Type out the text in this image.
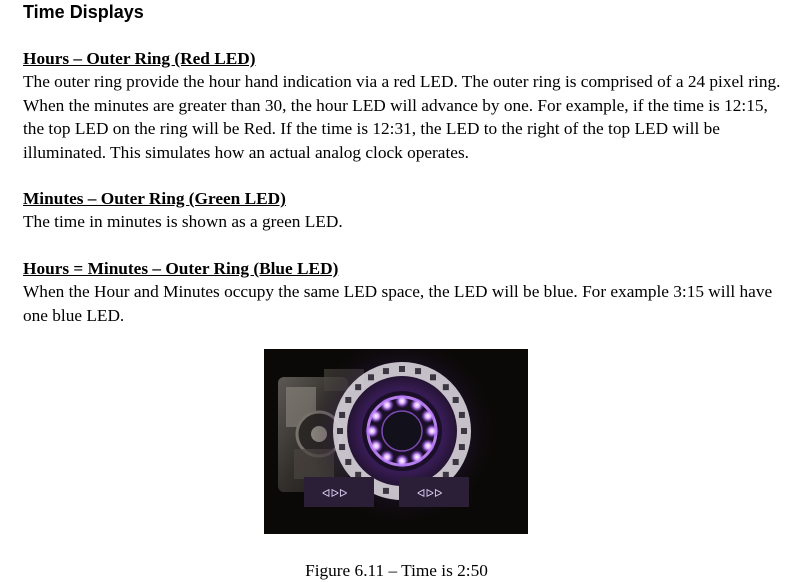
Time Displays
Hours – Outer Ring (Red LED)
The outer ring provide the hour hand indication via a red LED. The outer ring is comprised of a 24 pixel ring. When the minutes are greater than 30, the hour LED will advance by one. For example, if the time is 12:15, the top LED on the ring will be Red. If the time is 12:31, the LED to the right of the top LED will be illuminated. This simulates how an actual analog clock operates.
Minutes – Outer Ring (Green LED)
The time in minutes is shown as a green LED.
Hours = Minutes – Outer Ring (Blue LED)
When the Hour and Minutes occupy the same LED space, the LED will be blue. For example 3:15 will have one blue LED.
ᐊᐅᐅ	ᐊᐅᐅ
Figure 6.11 – Time is 2:50
